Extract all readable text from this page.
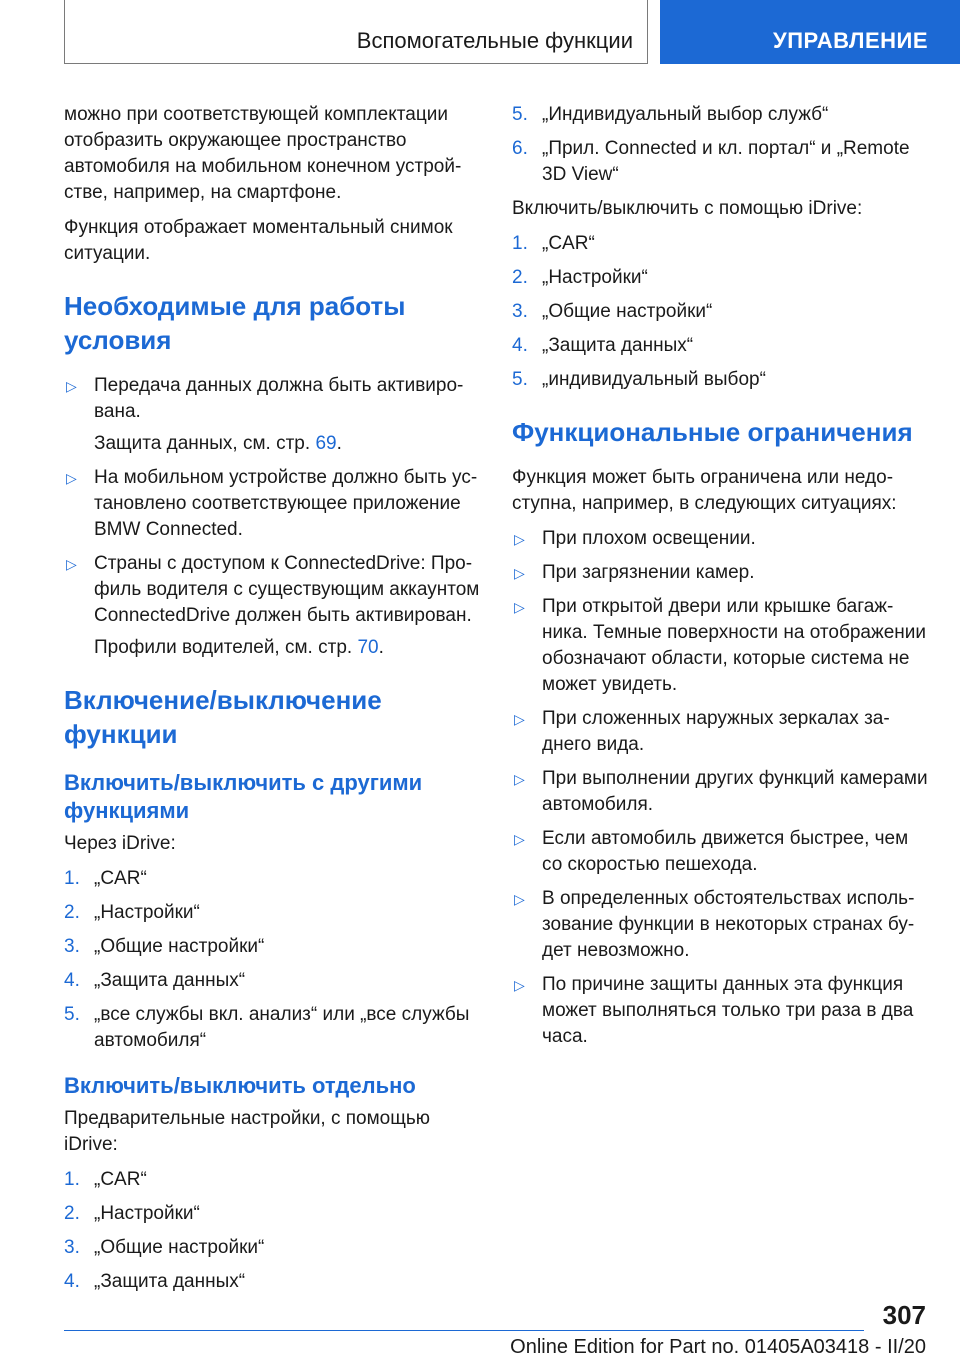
Вспомогательные функции	УПРАВЛЕНИЕ

можно при соответствующей комплектации отобразить окружающее пространство автомобиля на мобильном конечном устрой-стве, например, на смартфоне.

Функция отображает моментальный снимок ситуации.

Необходимые для работы условия
▷ Передача данных должна быть активиро-вана.
Защита данных, см. стр. 69.
▷ На мобильном устройстве должно быть ус-тановлено соответствующее приложение BMW Connected.
▷ Страны с доступом к ConnectedDrive: Про-филь водителя с существующим аккаунтом ConnectedDrive должен быть активирован.
Профили водителей, см. стр. 70.
Включение/выключение функции
Включить/выключить с другими функциями

Через iDrive:

1. „CAR“
2. „Настройки“
3. „Общие настройки“
4. „Защита данных“
5. „все службы вкл. анализ“ или „все службы автомобиля“
Включить/выключить отдельно

Предварительные настройки, с помощью iDrive:

1. „CAR“
2. „Настройки“
3. „Общие настройки“
4. „Защита данных“
5. „Индивидуальный выбор служб“
6. „Прил. Connected и кл. портал“ и „Remote 3D View“

Включить/выключить с помощью iDrive:

1. „CAR“
2. „Настройки“
3. „Общие настройки“
4. „Защита данных“
5. „индивидуальный выбор“
Функциональные ограничения

Функция может быть ограничена или недо-ступна, например, в следующих ситуациях:

▷ При плохом освещении.
▷ При загрязнении камер.
▷ При открытой двери или крышке багаж-ника. Темные поверхности на отображении обозначают области, которые система не может увидеть.
▷ При сложенных наружных зеркалах за-днего вида.
▷ При выполнении других функций камерами автомобиля.
▷ Если автомобиль движется быстрее, чем со скоростью пешехода.
▷ В определенных обстоятельствах исполь-зование функции в некоторых странах бу-дет невозможно.
▷ По причине защиты данных эта функция может выполняться только три раза в два часа.
307
Online Edition for Part no. 01405A03418 - II/20
